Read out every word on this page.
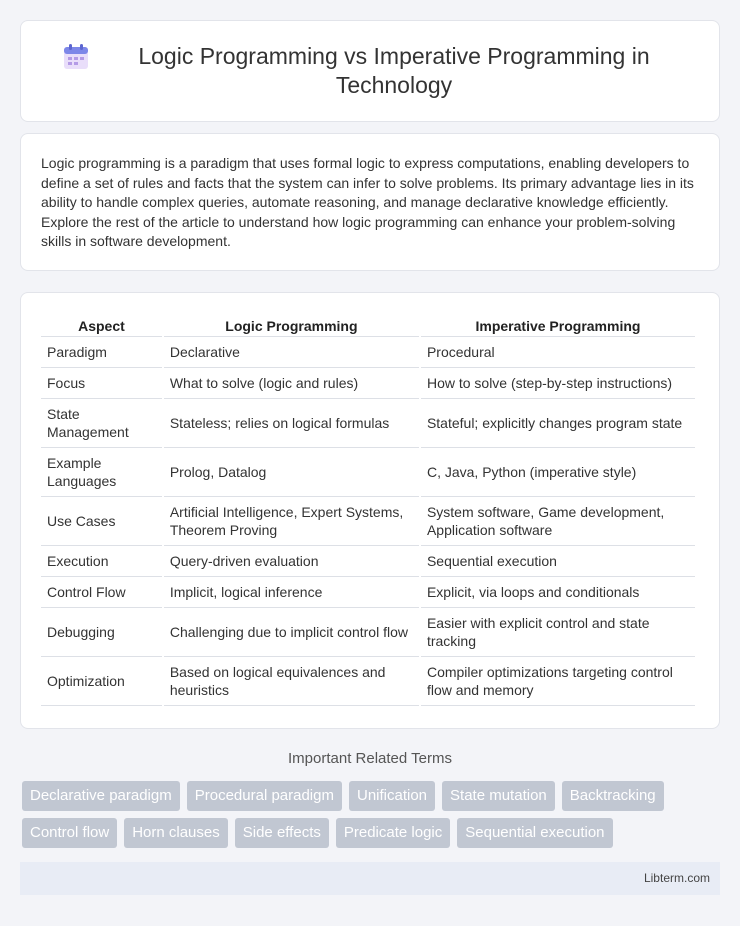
Logic Programming vs Imperative Programming in Technology

Logic programming is a paradigm that uses formal logic to express computations, enabling developers to define a set of rules and facts that the system can infer to solve problems. Its primary advantage lies in its ability to handle complex queries, automate reasoning, and manage declarative knowledge efficiently. Explore the rest of the article to understand how logic programming can enhance your problem-solving skills in software development.

Aspect	Logic Programming	Imperative Programming
Paradigm	Declarative	Procedural
Focus	What to solve (logic and rules)	How to solve (step-by-step instructions)
State Management	Stateless; relies on logical formulas	Stateful; explicitly changes program state
Example Languages	Prolog, Datalog	C, Java, Python (imperative style)
Use Cases	Artificial Intelligence, Expert Systems, Theorem Proving	System software, Game development, Application software
Execution	Query-driven evaluation	Sequential execution
Control Flow	Implicit, logical inference	Explicit, via loops and conditionals
Debugging	Challenging due to implicit control flow	Easier with explicit control and state tracking
Optimization	Based on logical equivalences and heuristics	Compiler optimizations targeting control flow and memory
Important Related Terms
Declarative paradigm	Procedural paradigm	Unification	State mutation	Backtracking
Control flow	Horn clauses	Side effects	Predicate logic	Sequential execution
Libterm.com
